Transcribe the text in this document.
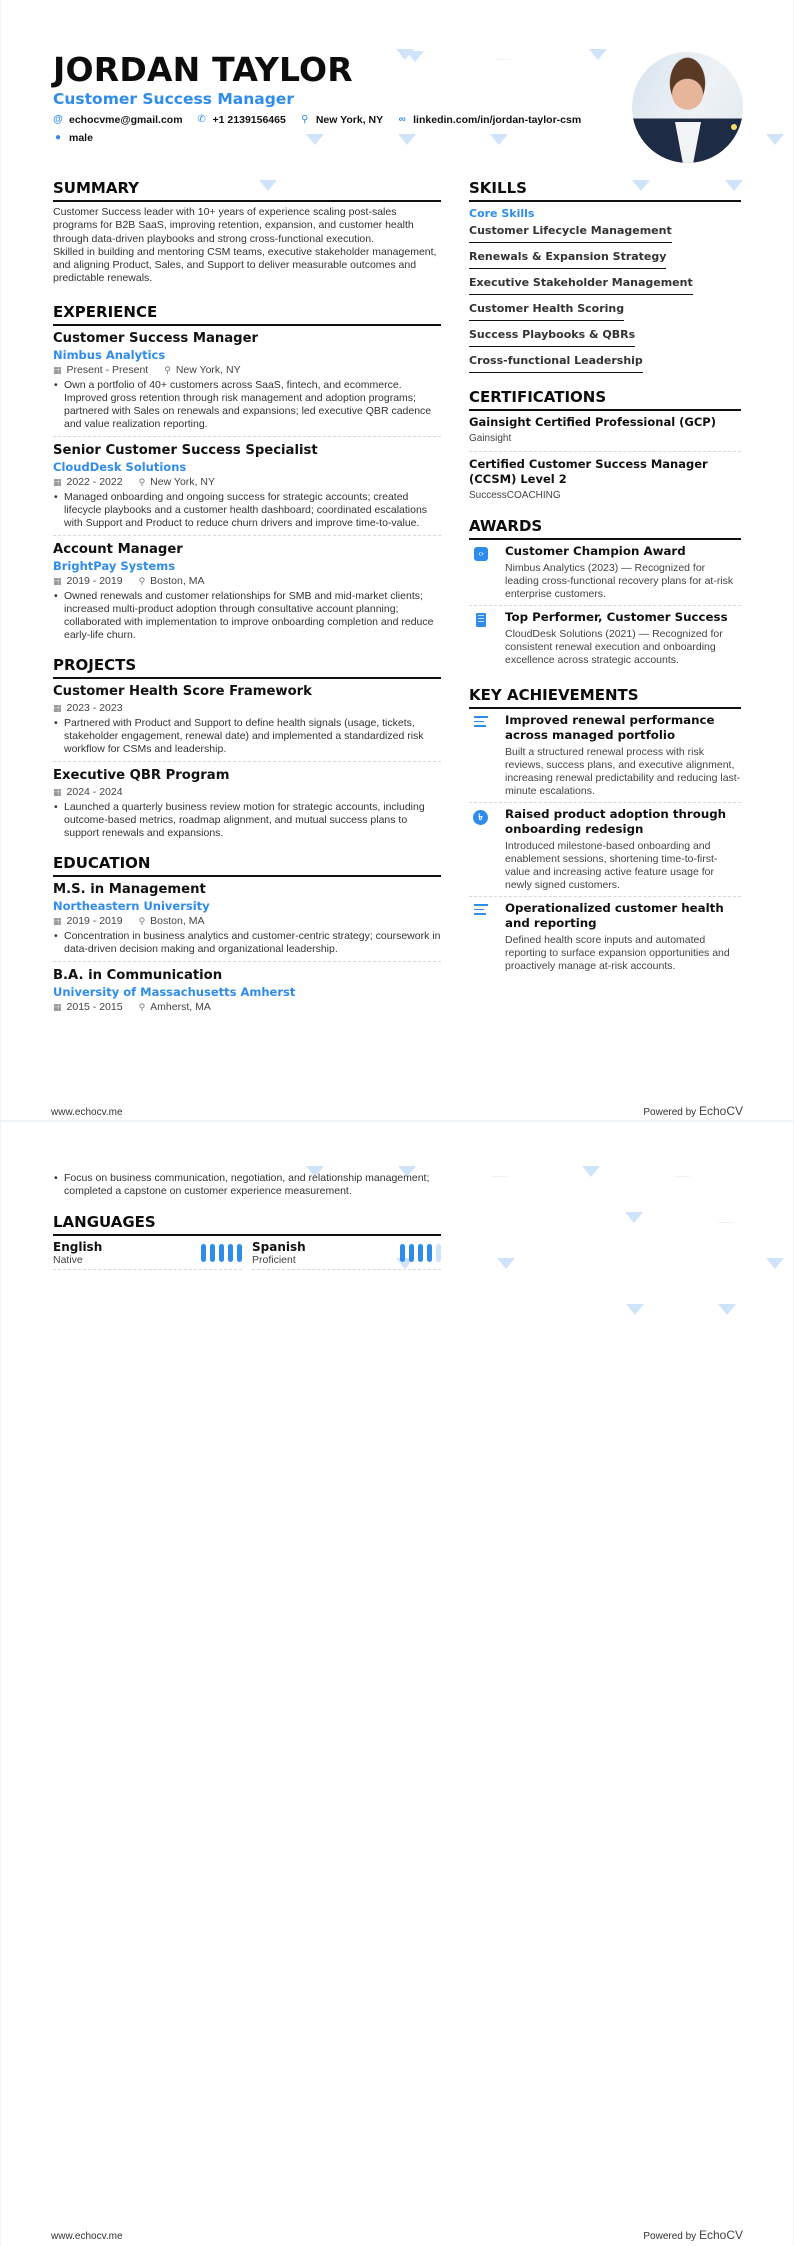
JORDAN TAYLOR
Customer Success Manager
@ echocvme@gmail.com ✆ +1 2139156465 ⚲ New York, NY ∞ linkedin.com/in/jordan-taylor-csm
● male
SUMMARY

Customer Success leader with 10+ years of experience scaling post-sales programs for B2B SaaS, improving retention, expansion, and customer health through data-driven playbooks and strong cross-functional execution.

Skilled in building and mentoring CSM teams, executive stakeholder management, and aligning Product, Sales, and Support to deliver measurable outcomes and predictable renewals.

EXPERIENCE
Customer Success Manager
Nimbus Analytics
▦ Present - Present ⚲ New York, NY
• Own a portfolio of 40+ customers across SaaS, fintech, and ecommerce. Improved gross retention through risk management and adoption programs; partnered with Sales on renewals and expansions; led executive QBR cadence and value realization reporting.
Senior Customer Success Specialist
CloudDesk Solutions
▦ 2022 - 2022 ⚲ New York, NY
• Managed onboarding and ongoing success for strategic accounts; created lifecycle playbooks and a customer health dashboard; coordinated escalations with Support and Product to reduce churn drivers and improve time-to-value.
Account Manager
BrightPay Systems
▦ 2019 - 2019 ⚲ Boston, MA
• Owned renewals and customer relationships for SMB and mid-market clients; increased multi-product adoption through consultative account planning; collaborated with implementation to improve onboarding completion and reduce early-life churn.
PROJECTS
Customer Health Score Framework
▦ 2023 - 2023
• Partnered with Product and Support to define health signals (usage, tickets, stakeholder engagement, renewal date) and implemented a standardized risk workflow for CSMs and leadership.
Executive QBR Program
▦ 2024 - 2024
• Launched a quarterly business review motion for strategic accounts, including outcome-based metrics, roadmap alignment, and mutual success plans to support renewals and expansions.
EDUCATION
M.S. in Management
Northeastern University
▦ 2019 - 2019 ⚲ Boston, MA
• Concentration in business analytics and customer-centric strategy; coursework in data-driven decision making and organizational leadership.
B.A. in Communication
University of Massachusetts Amherst
▦ 2015 - 2015 ⚲ Amherst, MA
SKILLS
Core Skills
Customer Lifecycle Management
Renewals & Expansion Strategy
Executive Stakeholder Management
Customer Health Scoring
Success Playbooks & QBRs
Cross-functional Leadership
CERTIFICATIONS
Gainsight Certified Professional (GCP)
Gainsight
Certified Customer Success Manager (CCSM) Level 2
SuccessCOACHING
AWARDS
‹›	Customer Champion Award
Nimbus Analytics (2023) — Recognized for leading cross-functional recovery plans for at-risk enterprise customers.
Top Performer, Customer Success
CloudDesk Solutions (2021) — Recognized for consistent renewal execution and onboarding excellence across strategic accounts.
KEY ACHIEVEMENTS
Improved renewal performance across managed portfolio
Built a structured renewal process with risk reviews, success plans, and executive alignment, increasing renewal predictability and reducing last-minute escalations.
৳	Raised product adoption through onboarding redesign
Introduced milestone-based onboarding and enablement sessions, shortening time-to-first-value and increasing active feature usage for newly signed customers.
Operationalized customer health and reporting
Defined health score inputs and automated reporting to surface expansion opportunities and proactively manage at-risk accounts.
www.echocv.me	Powered by EchoCV
• Focus on business communication, negotiation, and relationship management; completed a capstone on customer experience measurement.
LANGUAGES
English
Native
Spanish
Proficient
www.echocv.me	Powered by EchoCV
